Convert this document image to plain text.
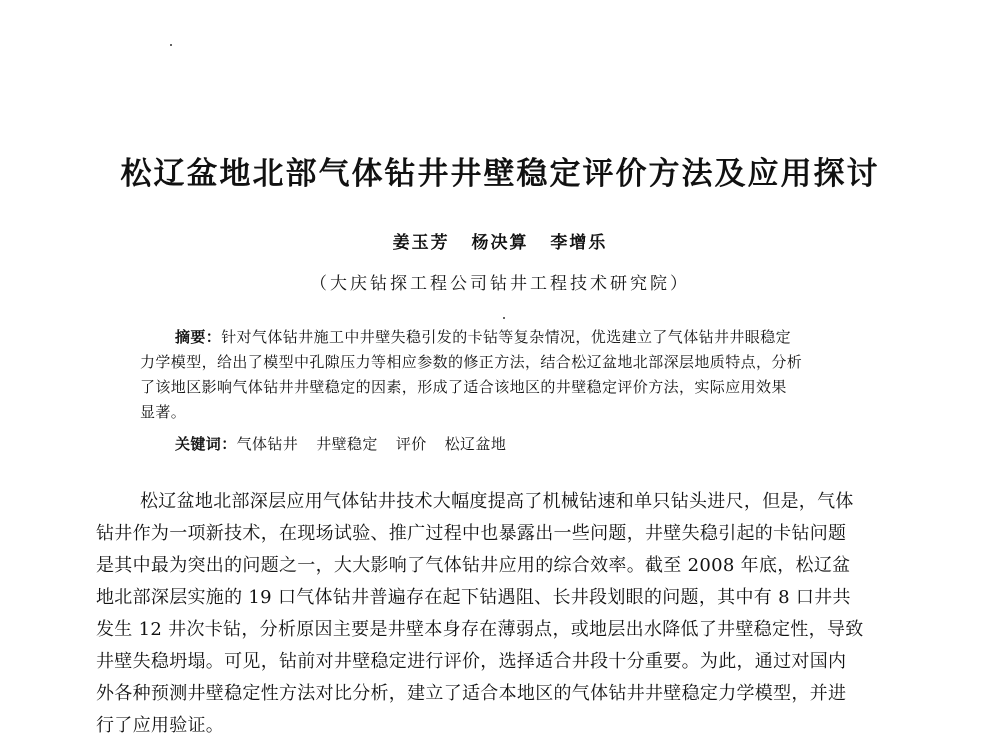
松辽盆地北部气体钻井井壁稳定评价方法及应用探讨
姜玉芳 杨决算 李增乐
（大庆钻探工程公司钻井工程技术研究院）
摘要：针对气体钻井施工中井壁失稳引发的卡钻等复杂情况，优选建立了气体钻井井眼稳定
力学模型，给出了模型中孔隙压力等相应参数的修正方法，结合松辽盆地北部深层地质特点，分析
了该地区影响气体钻井井壁稳定的因素，形成了适合该地区的井壁稳定评价方法，实际应用效果
显著。
关键词：气体钻井 井壁稳定 评价 松辽盆地
松辽盆地北部深层应用气体钻井技术大幅度提高了机械钻速和单只钻头进尺，但是，气体
钻井作为一项新技术，在现场试验、推广过程中也暴露出一些问题，井壁失稳引起的卡钻问题
是其中最为突出的问题之一，大大影响了气体钻井应用的综合效率。截至 2008 年底，松辽盆
地北部深层实施的 19 口气体钻井普遍存在起下钻遇阻、长井段划眼的问题，其中有 8 口井共
发生 12 井次卡钻，分析原因主要是井壁本身存在薄弱点，或地层出水降低了井壁稳定性，导致
井壁失稳坍塌。可见，钻前对井壁稳定进行评价，选择适合井段十分重要。为此，通过对国内
外各种预测井壁稳定性方法对比分析，建立了适合本地区的气体钻井井壁稳定力学模型，并进
行了应用验证。
